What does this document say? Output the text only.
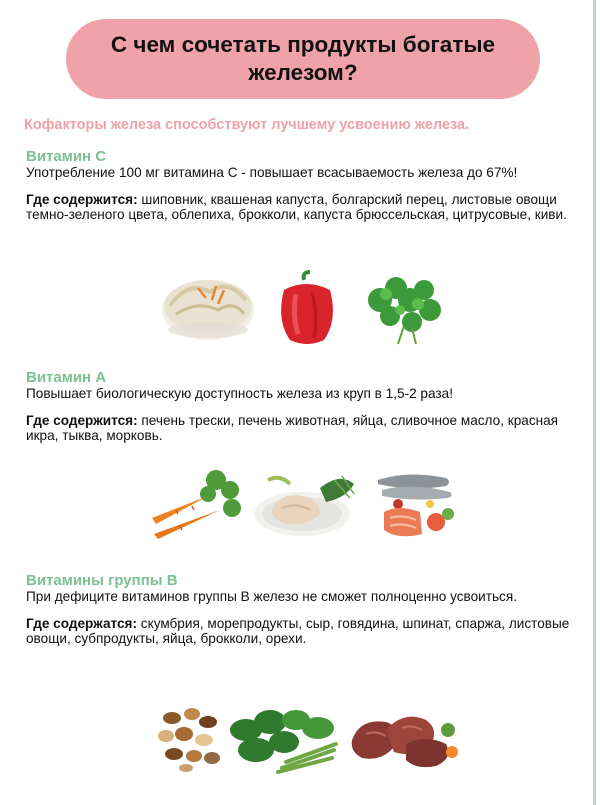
С чем сочетать продукты богатые железом?
Кофакторы железа способствуют лучшему усвоению железа.
Витамин С
Употребление 100 мг витамина С - повышает всасываемость железа до 67%!
Где содержится: шиповник, квашеная капуста, болгарский перец, листовые овощи темно-зеленого цвета, облепиха, брокколи, капуста брюссельская, цитрусовые, киви.
Витамин А
Повышает биологическую доступность железа из круп в 1,5-2 раза!
Где содержится: печень трески, печень животная, яйца, сливочное масло, красная икра, тыква, морковь.
Витамины группы В
При дефиците витаминов группы В железо не сможет полноценно усвоиться.
Где содержатся: скумбрия, морепродукты, сыр, говядина, шпинат, спаржа, листовые овощи, субпродукты, яйца, брокколи, орехи.
